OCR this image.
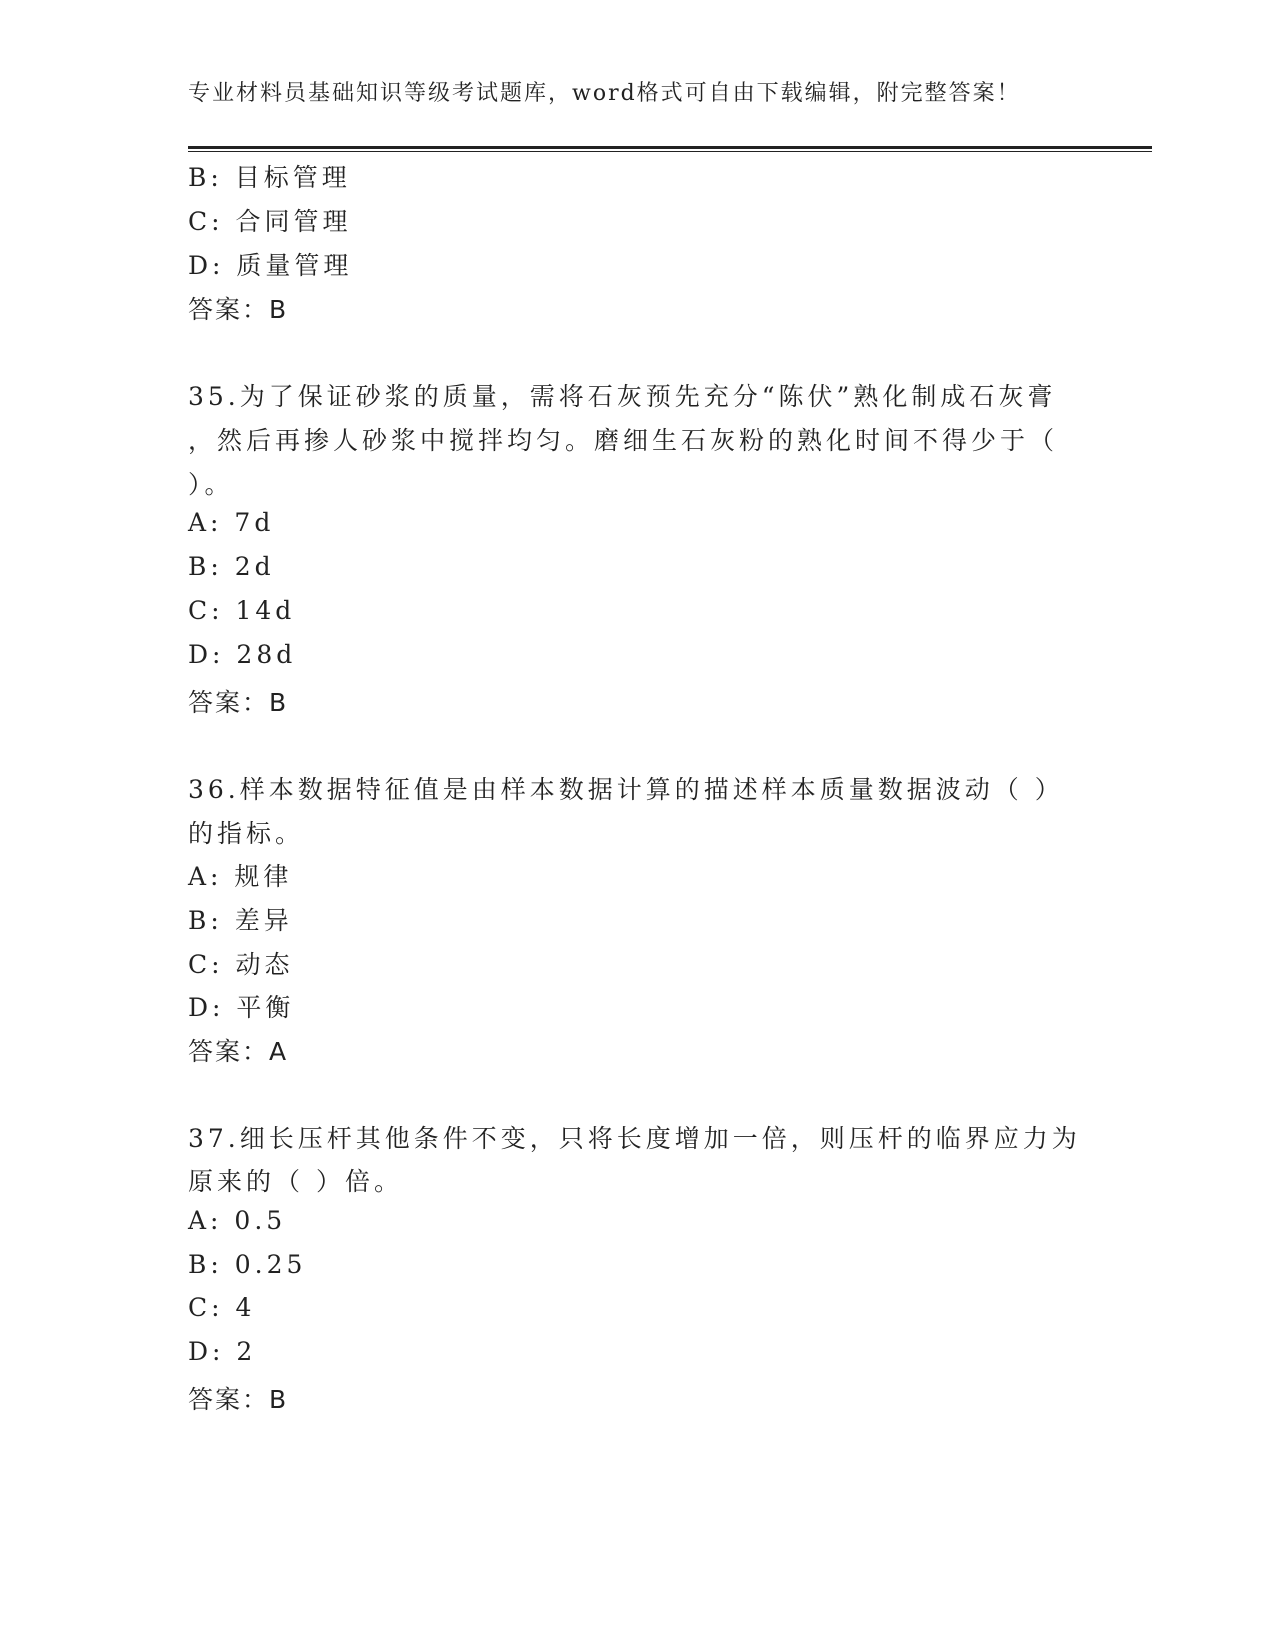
专业材料员基础知识等级考试题库，word格式可自由下载编辑，附完整答案！
B: 目标管理
C: 合同管理
D: 质量管理
答案：B
35.为了保证砂浆的质量，需将石灰预先充分“陈伏”熟化制成石灰膏
，然后再掺人砂浆中搅拌均匀。磨细生石灰粉的熟化时间不得少于（
）。
A: 7d
B: 2d
C: 14d
D: 28d
答案：B
36.样本数据特征值是由样本数据计算的描述样本质量数据波动（ ）
的指标。
A: 规律
B: 差异
C: 动态
D: 平衡
答案：A
37.细长压杆其他条件不变，只将长度增加一倍，则压杆的临界应力为
原来的（ ）倍。
A: 0.5
B: 0.25
C: 4
D: 2
答案：B
